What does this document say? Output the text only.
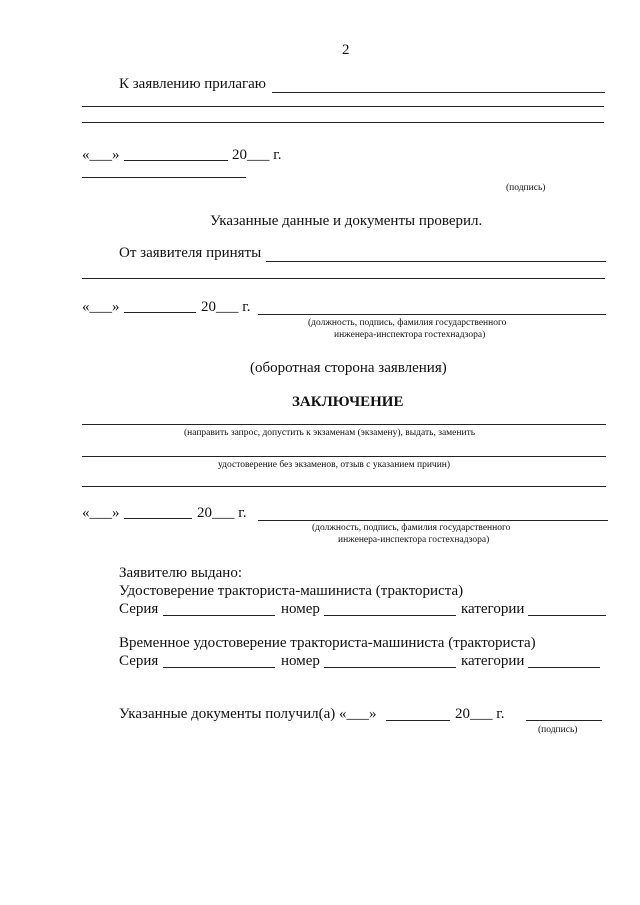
2
К заявлению прилагаю
«___»	20___ г.
(подпись)
Указанные данные и документы проверил.
От заявителя приняты
«___»	20___ г.
(должность, подпись, фамилия государственного
инженера-инспектора гостехнадзора)
(оборотная сторона заявления)
ЗАКЛЮЧЕНИЕ
(направить запрос, допустить к экзаменам (экзамену), выдать, заменить
удостоверение без экзаменов, отзыв с указанием причин)
«___»	20___ г.
(должность, подпись, фамилия государственного
инженера-инспектора гостехнадзора)
Заявителю выдано:
Удостоверение тракториста-машиниста (тракториста)
Серия	номер	категории
Временное удостоверение тракториста-машиниста (тракториста)
Серия	номер	категории
Указанные документы получил(а) «___»	20___ г.
(подпись)
